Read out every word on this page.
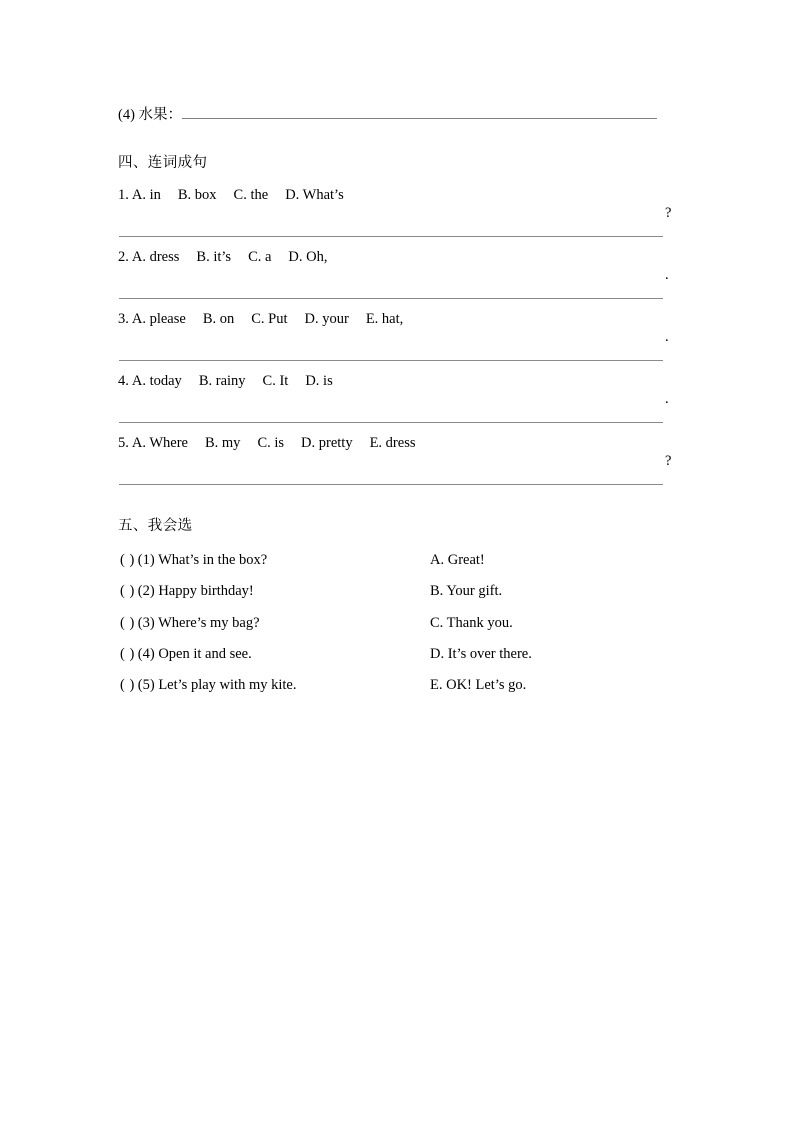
(4) 水果：
四、连词成句
1. A. in B. box C. the D. What’s
?
2. A. dress B. it’s C. a D. Oh,
.
3. A. please B. on C. Put D. your E. hat,
.
4. A. today B. rainy C. It D. is
.
5. A. Where B. my C. is D. pretty E. dress
?
五、我会选
( ) (1) What’s in the box?	A. Great!
( ) (2) Happy birthday!	B. Your gift.
( ) (3) Where’s my bag?	C. Thank you.
( ) (4) Open it and see.	D. It’s over there.
( ) (5) Let’s play with my kite.	E. OK! Let’s go.
